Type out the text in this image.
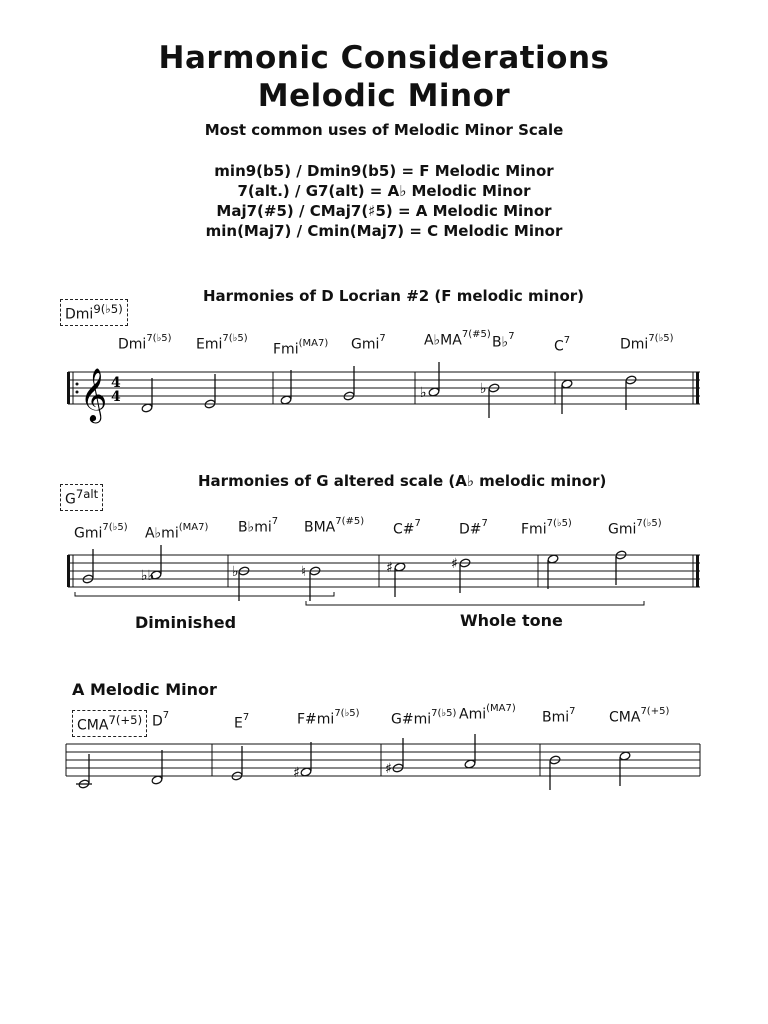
Harmonic Considerations
Melodic Minor
Most common uses of Melodic Minor Scale
min9(b5) / Dmin9(b5) = F Melodic Minor
7(alt.) / G7(alt) = A♭ Melodic Minor
Maj7(#5) / CMaj7(♯5) = A Melodic Minor
min(Maj7) / Cmin(Maj7) = C Melodic Minor
Harmonies of D Locrian #2 (F melodic minor)
Dmi$^{9(♭5)}$
Dmi$^{7(♭5)}$ Emi$^{7(♭5)}$
Fmi$^{(MA7)}$ Gmi$^7$	$A♭MA^{7(\#5)}$
B♭$^7$
$C^7$	Dmi$^{7(♭5)}$
𝄞 4
4	♭	♭
Harmonies of G altered scale (A♭ melodic minor)
$G^{7alt}$
Gmi$^{7(♭5)}$ $A♭mi^{(MA7)}$ $B♭mi^7$ $BMA^{7(\#5)}$
C#$^7$	D#$^7$ Fmi$^{7(♭5)}$	Gmi$^{7(♭5)}$
♭♭	♭	♮	♯	♯
Diminished	Whole tone
A Melodic Minor
$CMA^{7(+5)}$ $D^7$
$E^7$	$F\#mi^{7(♭5)}$ $G\#mi^{7(♭5)}$ Ami$^{(MA7)}$
Bmi$^7$ $CMA^{7(+5)}$
♯	♯
